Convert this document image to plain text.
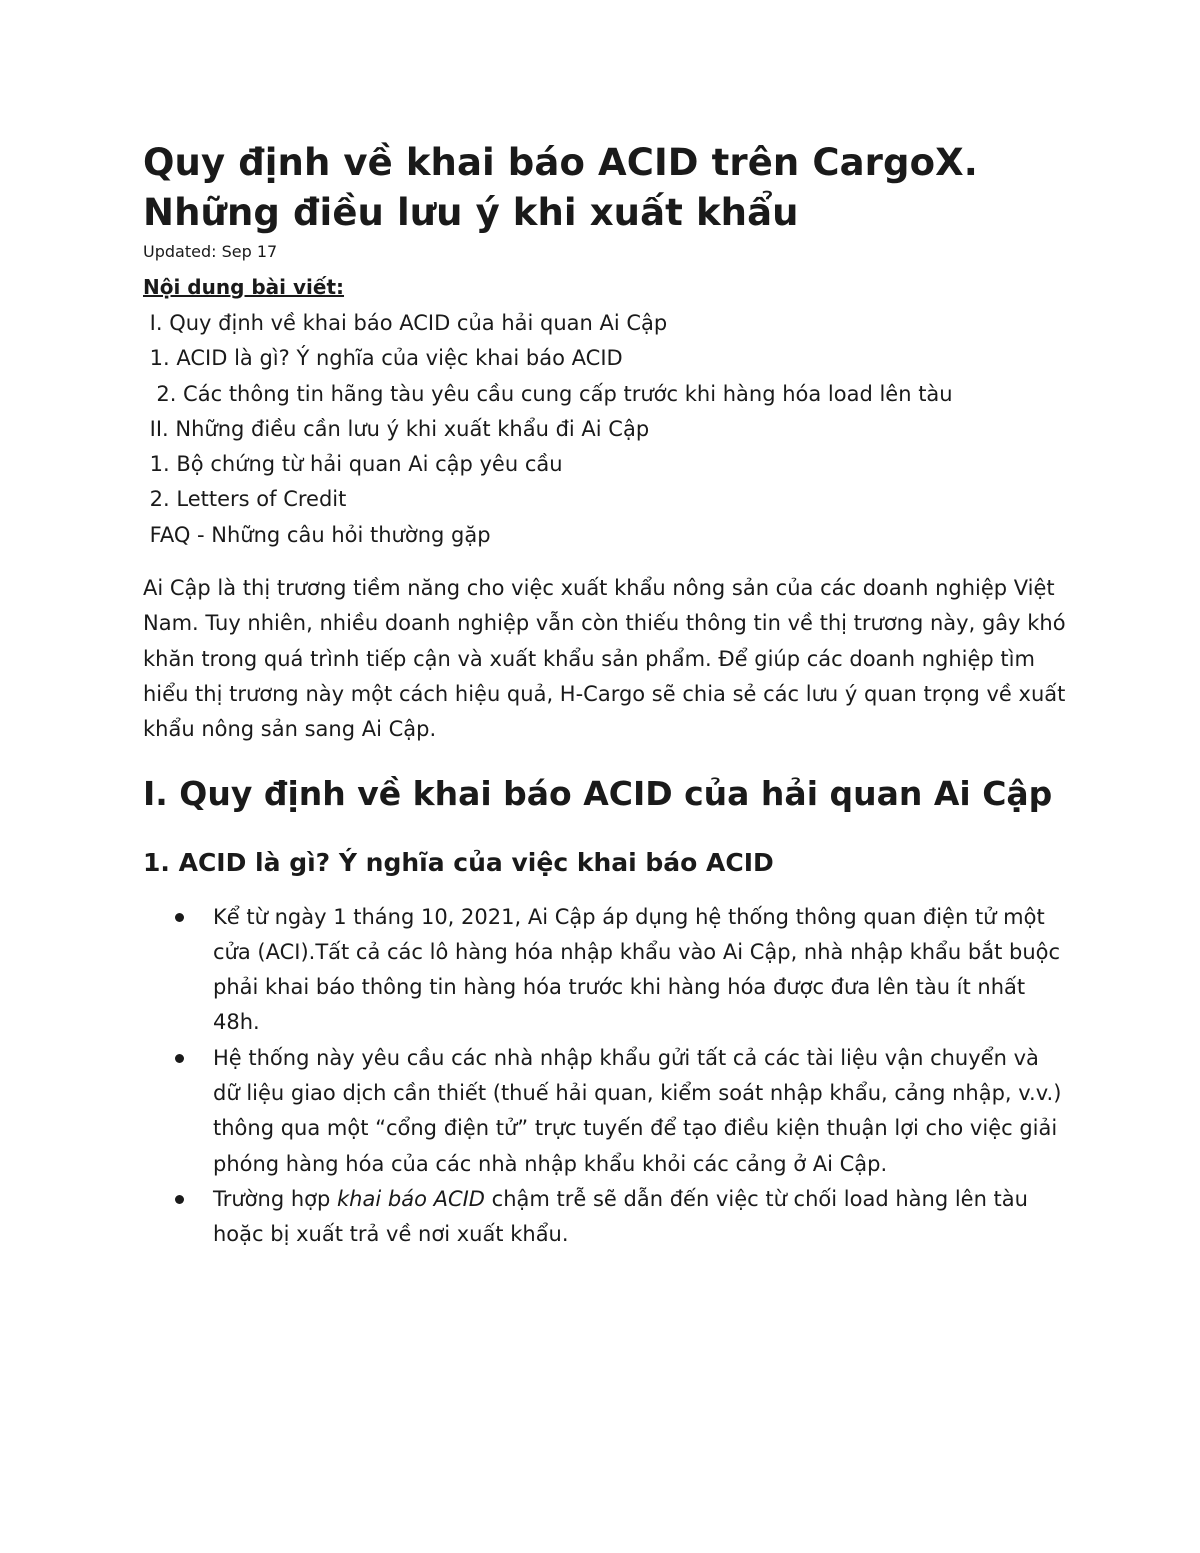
Quy định về khai báo ACID trên CargoX. Những điều lưu ý khi xuất khẩu
Updated: Sep 17
Nội dung bài viết:
I. Quy định về khai báo ACID của hải quan Ai Cập
1. ACID là gì? Ý nghĩa của việc khai báo ACID
2. Các thông tin hãng tàu yêu cầu cung cấp trước khi hàng hóa load lên tàu
II. Những điều cần lưu ý khi xuất khẩu đi Ai Cập
1. Bộ chứng từ hải quan Ai cập yêu cầu
2. Letters of Credit
FAQ - Những câu hỏi thường gặp

Ai Cập là thị trương tiềm năng cho việc xuất khẩu nông sản của các doanh nghiệp Việt Nam. Tuy nhiên, nhiều doanh nghiệp vẫn còn thiếu thông tin về thị trương này, gây khó khăn trong quá trình tiếp cận và xuất khẩu sản phẩm. Để giúp các doanh nghiệp tìm hiểu thị trương này một cách hiệu quả, H-Cargo sẽ chia sẻ các lưu ý quan trọng về xuất khẩu nông sản sang Ai Cập.

I. Quy định về khai báo ACID của hải quan Ai Cập
1. ACID là gì? Ý nghĩa của việc khai báo ACID
Kể từ ngày 1 tháng 10, 2021, Ai Cập áp dụng hệ thống thông quan điện tử một cửa (ACI).Tất cả các lô hàng hóa nhập khẩu vào Ai Cập, nhà nhập khẩu bắt buộc phải khai báo thông tin hàng hóa trước khi hàng hóa được đưa lên tàu ít nhất 48h.
Hệ thống này yêu cầu các nhà nhập khẩu gửi tất cả các tài liệu vận chuyển và dữ liệu giao dịch cần thiết (thuế hải quan, kiểm soát nhập khẩu, cảng nhập, v.v.) thông qua một “cổng điện tử” trực tuyến để tạo điều kiện thuận lợi cho việc giải phóng hàng hóa của các nhà nhập khẩu khỏi các cảng ở Ai Cập.
Trường hợp khai báo ACID chậm trễ sẽ dẫn đến việc từ chối load hàng lên tàu hoặc bị xuất trả về nơi xuất khẩu.
